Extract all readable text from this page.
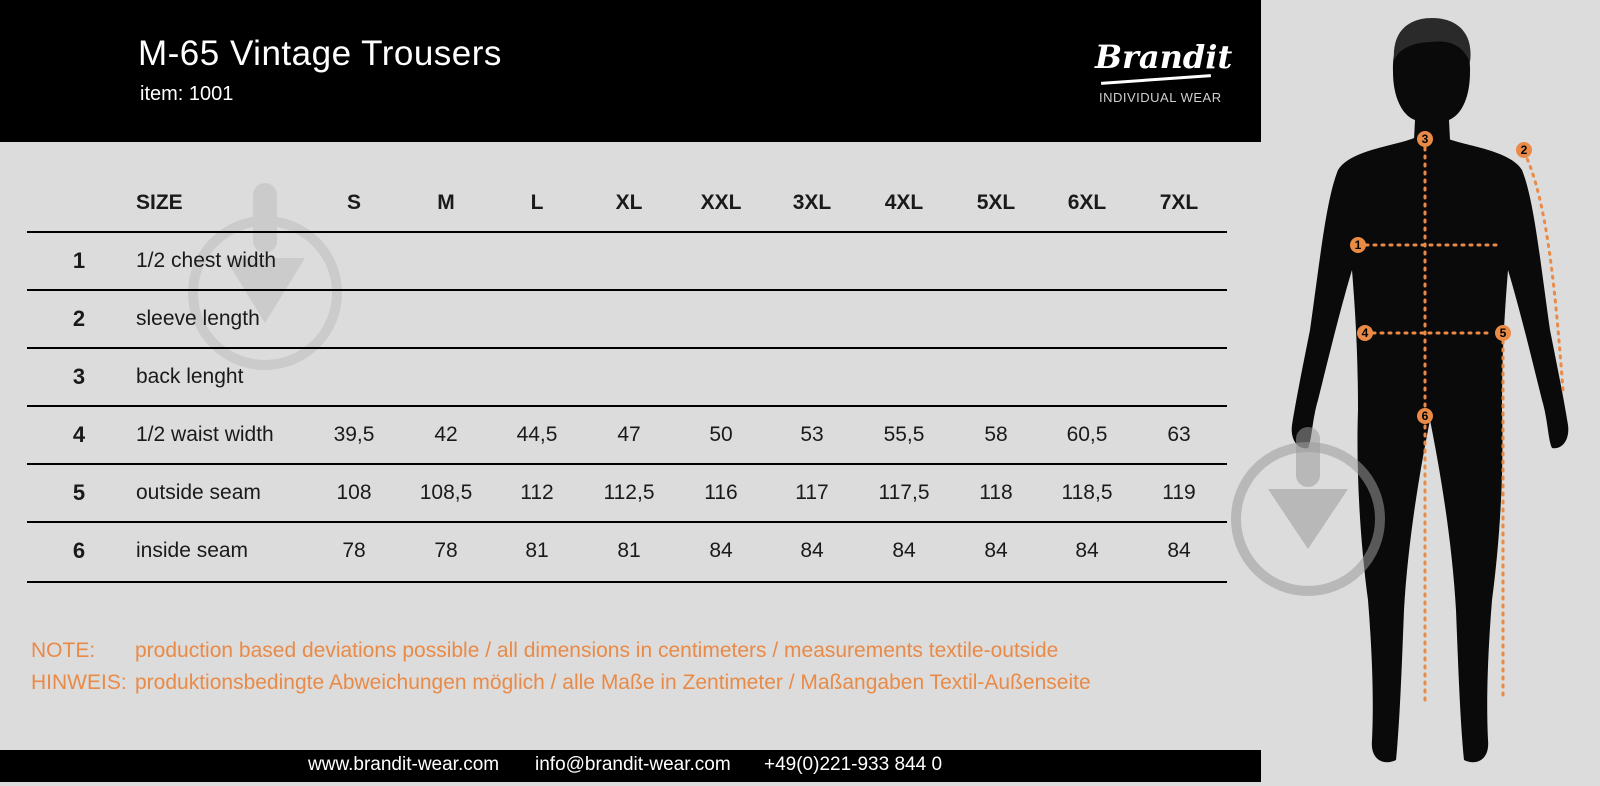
M-65 Vintage Trousers
item: 1001
Brandit
INDIVIDUAL WEAR
SIZE	S	M	L	XL	XXL	3XL	4XL	5XL	6XL	7XL
1	1/2 chest width
2	sleeve length
3	back lenght
4	1/2 waist width	39,5	42	44,5	47	50	53	55,5	58	60,5	63
5	outside seam	108	108,5	112	112,5	116	117	117,5	118	118,5	119
6	inside seam	78	78	81	81	84	84	84	84	84	84
NOTE: production based deviations possible / all dimensions in centimeters / measurements textile-outside
HINWEIS: produktionsbedingte Abweichungen möglich / alle Maße in Zentimeter / Maßangaben Textil-Außenseite
www.brandit-wear.com info@brandit-wear.com +49(0)221-933 844 0
1
2
3
4	5
6
